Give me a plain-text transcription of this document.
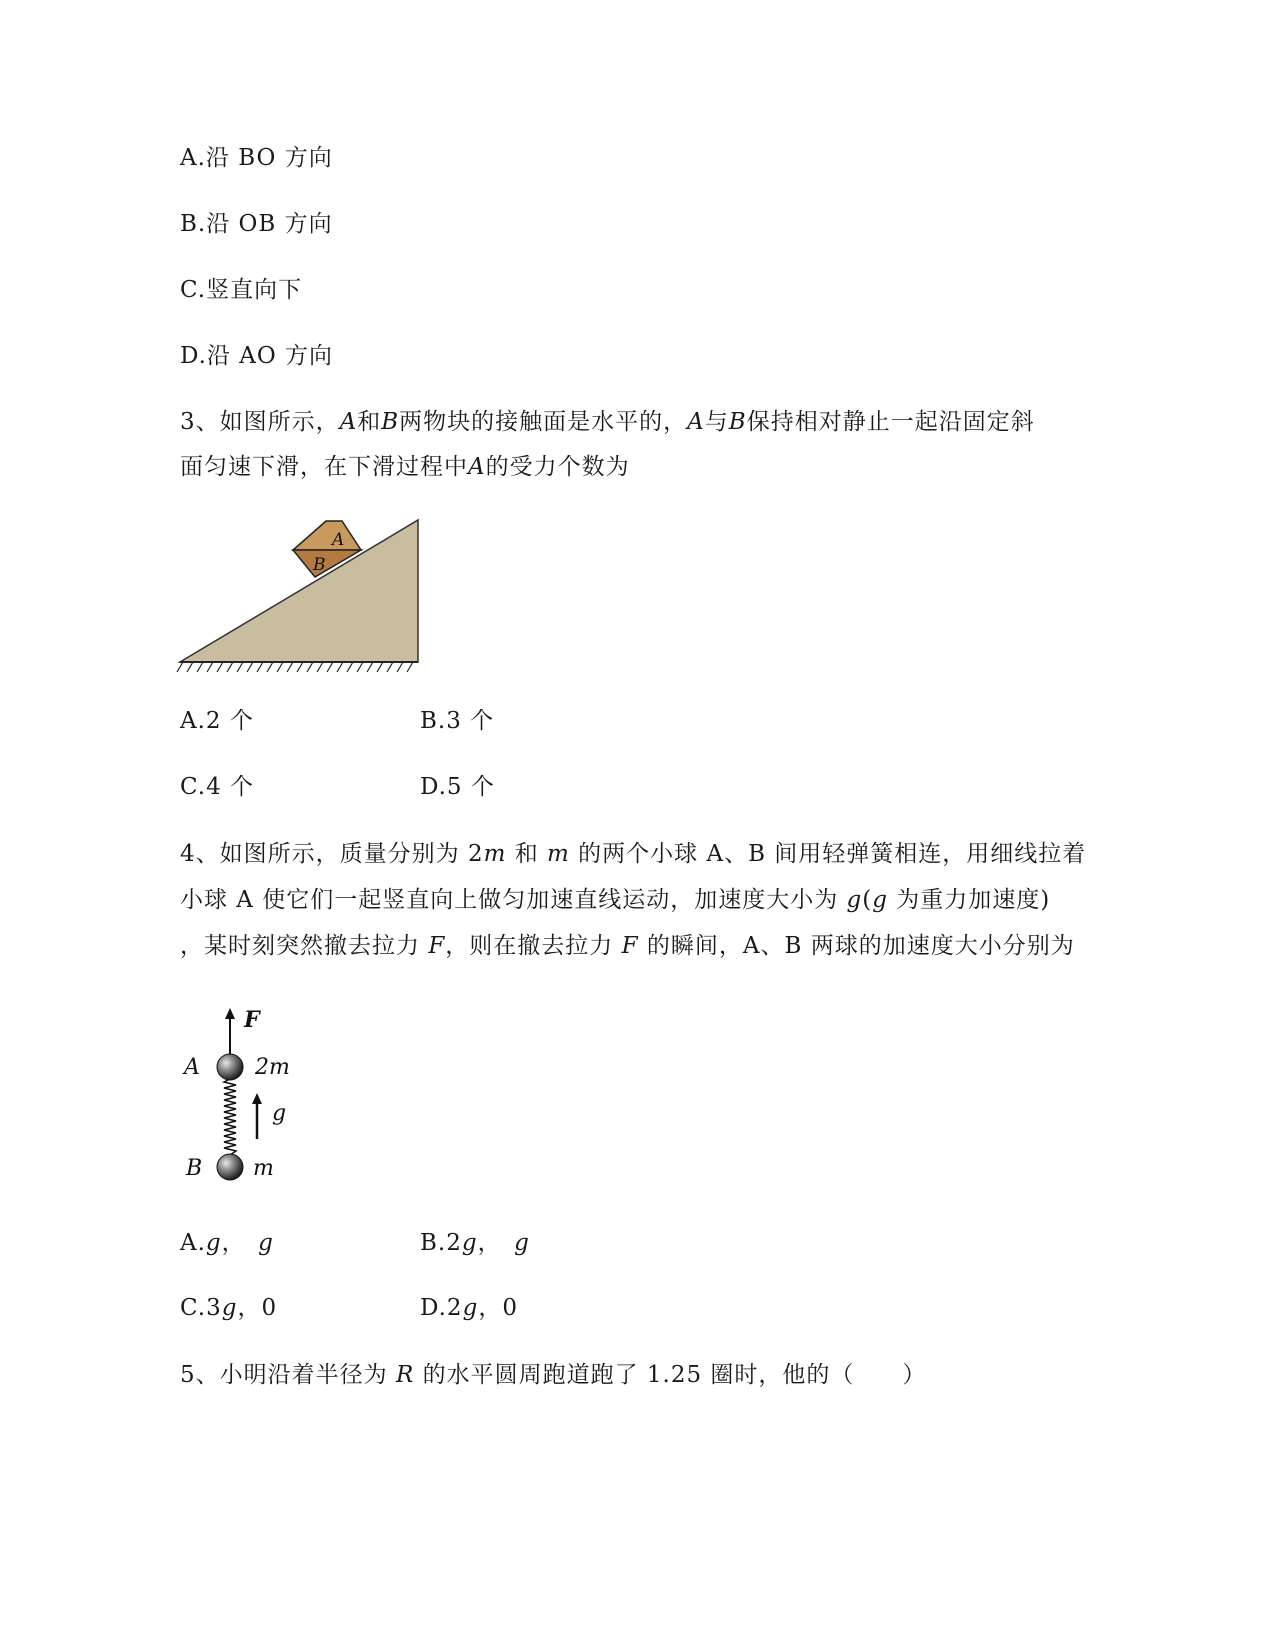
A.沿 BO 方向
B.沿 OB 方向
C.竖直向下
D.沿 AO 方向
3、如图所示，A和B两物块的接触面是水平的，A与B保持相对静止一起沿固定斜
面匀速下滑，在下滑过程中A的受力个数为
A
B
A.2 个	B.3 个
C.4 个	D.5 个
4、如图所示，质量分别为 2m 和 m 的两个小球 A、B 间用轻弹簧相连，用细线拉着
小球 A 使它们一起竖直向上做匀加速直线运动，加速度大小为 g(g 为重力加速度)
，某时刻突然撤去拉力 F，则在撤去拉力 F 的瞬间，A、B 两球的加速度大小分别为
F
A	2m
g
B m
A.g，　g	B.2g，　g
C.3g，0	D.2g，0
5、小明沿着半径为 R 的水平圆周跑道跑了 1.25 圈时，他的（　　）
